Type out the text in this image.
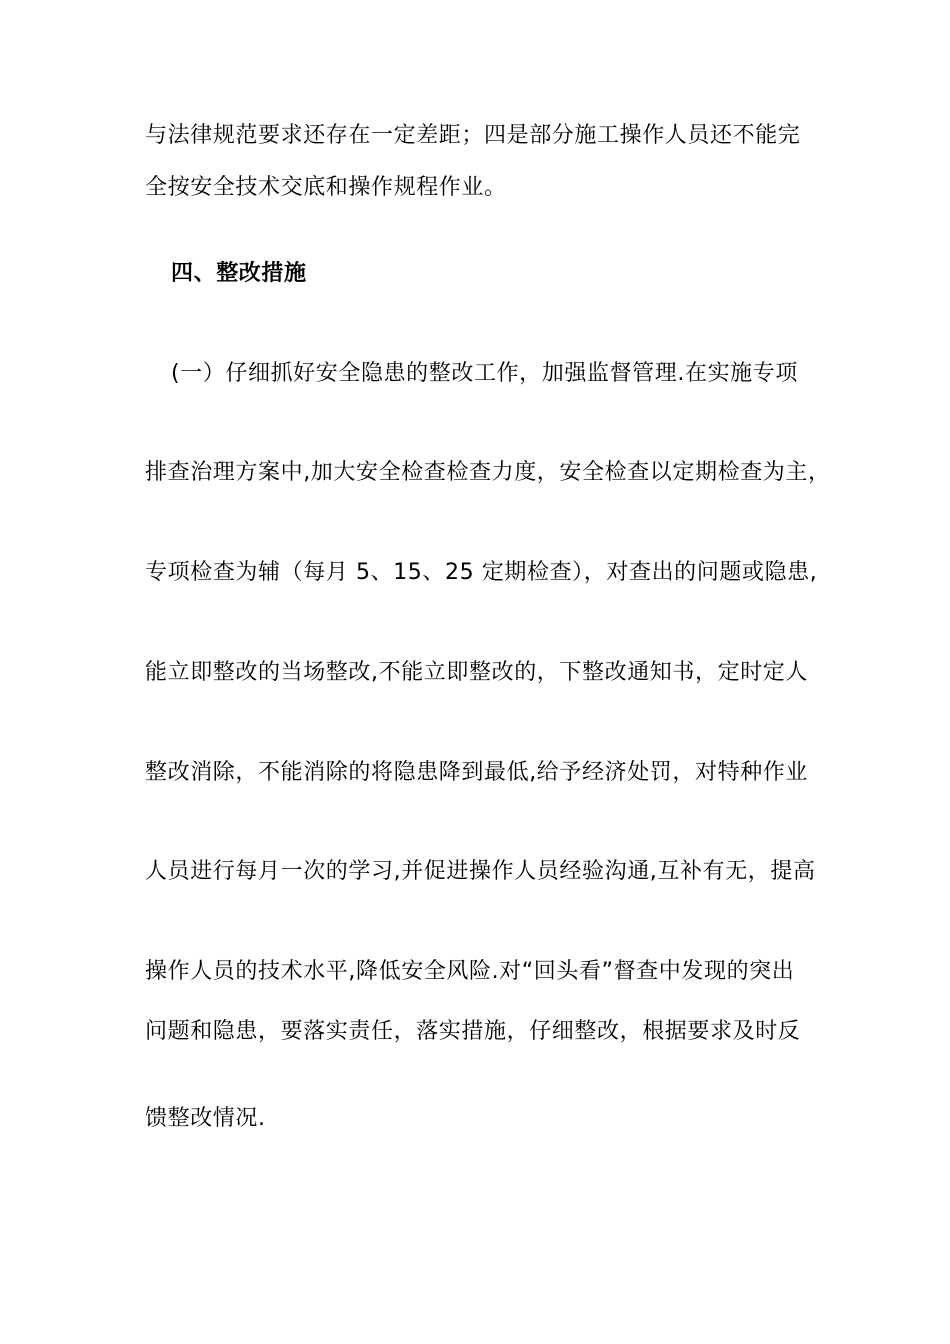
与法律规范要求还存在一定差距；四是部分施工操作人员还不能完
全按安全技术交底和操作规程作业。
四、整改措施
(一）仔细抓好安全隐患的整改工作，加强监督管理.在实施专项
排查治理方案中,加大安全检查检查力度，安全检查以定期检查为主，
专项检查为辅（每月 5、15、25 定期检查），对查出的问题或隐患,
能立即整改的当场整改,不能立即整改的，下整改通知书，定时定人
整改消除，不能消除的将隐患降到最低,给予经济处罚，对特种作业
人员进行每月一次的学习,并促进操作人员经验沟通,互补有无，提高
操作人员的技术水平,降低安全风险.对“回头看”督查中发现的突出
问题和隐患，要落实责任，落实措施，仔细整改，根据要求及时反
馈整改情况.
